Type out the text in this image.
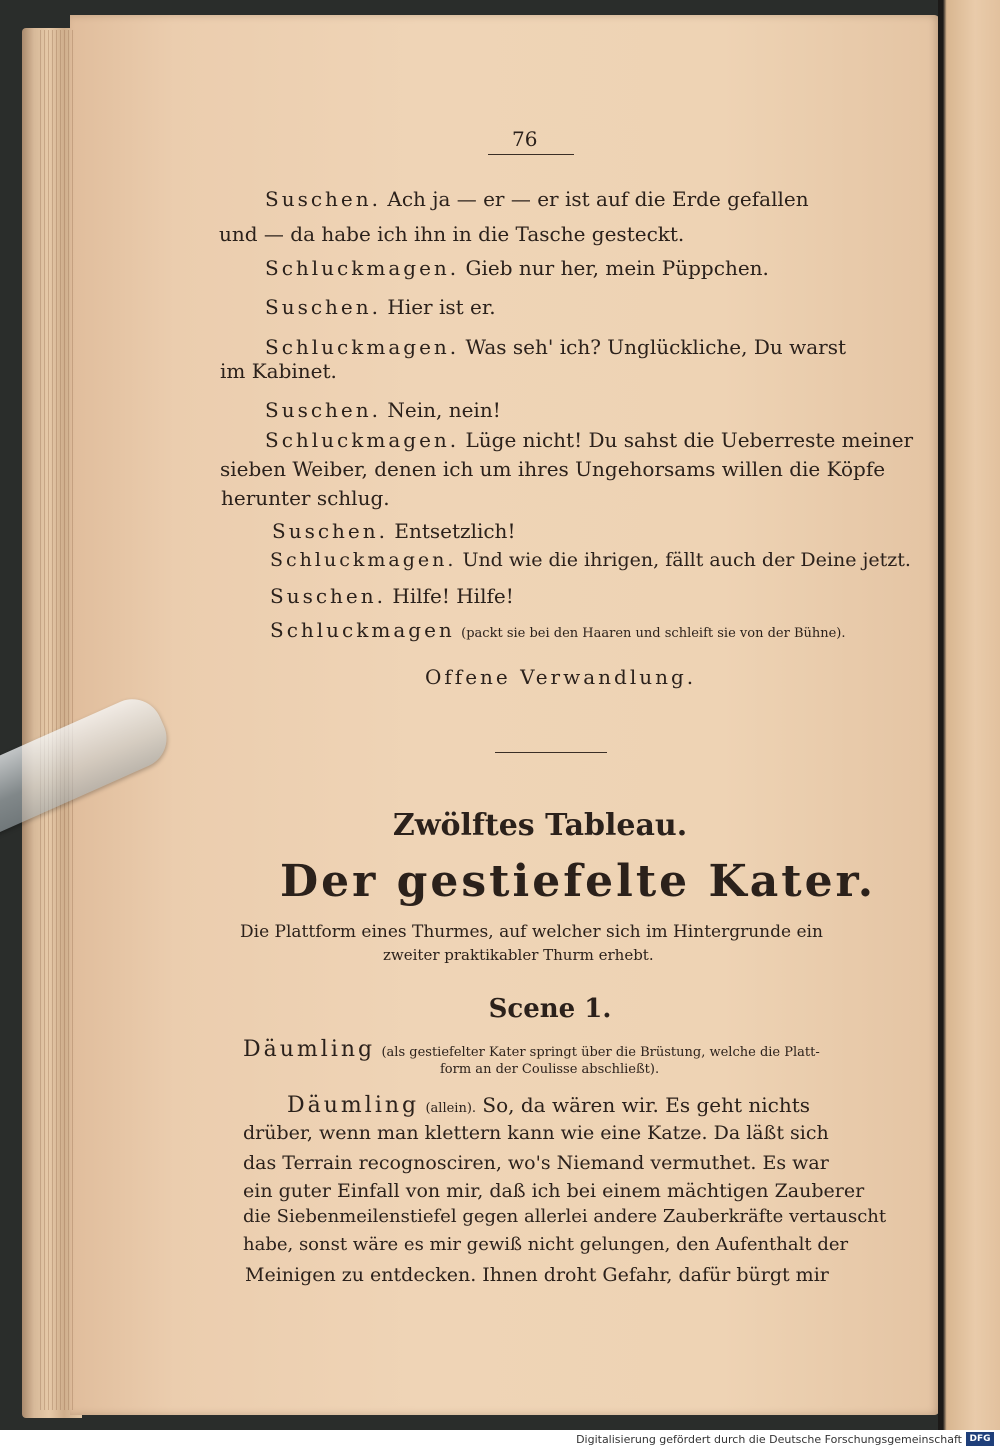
76
Suschen. Ach ja — er — er ist auf die Erde gefallen
und — da habe ich ihn in die Tasche gesteckt.
Schluckmagen. Gieb nur her, mein Püppchen.
Suschen. Hier ist er.
Schluckmagen. Was seh' ich? Unglückliche, Du warst
im Kabinet.
Suschen. Nein, nein!
Schluckmagen. Lüge nicht! Du sahst die Ueberreste meiner
sieben Weiber, denen ich um ihres Ungehorsams willen die Köpfe
herunter schlug.
Suschen. Entsetzlich!
Schluckmagen. Und wie die ihrigen, fällt auch der Deine jetzt.
Suschen. Hilfe! Hilfe!
Schluckmagen (packt sie bei den Haaren und schleift sie von der Bühne).
Offene Verwandlung.
Zwölftes Tableau.
Der gestiefelte Kater.
Die Plattform eines Thurmes, auf welcher sich im Hintergrunde ein
zweiter praktikabler Thurm erhebt.
Scene 1.
Däumling (als gestiefelter Kater springt über die Brüstung, welche die Platt-
form an der Coulisse abschließt).
Däumling (allein). So, da wären wir. Es geht nichts
drüber, wenn man klettern kann wie eine Katze. Da läßt sich
das Terrain recognosciren, wo's Niemand vermuthet. Es war
ein guter Einfall von mir, daß ich bei einem mächtigen Zauberer
die Siebenmeilenstiefel gegen allerlei andere Zauberkräfte vertauscht
habe, sonst wäre es mir gewiß nicht gelungen, den Aufenthalt der
Meinigen zu entdecken. Ihnen droht Gefahr, dafür bürgt mir
Digitalisierung gefördert durch die Deutsche Forschungsgemeinschaft DFG
